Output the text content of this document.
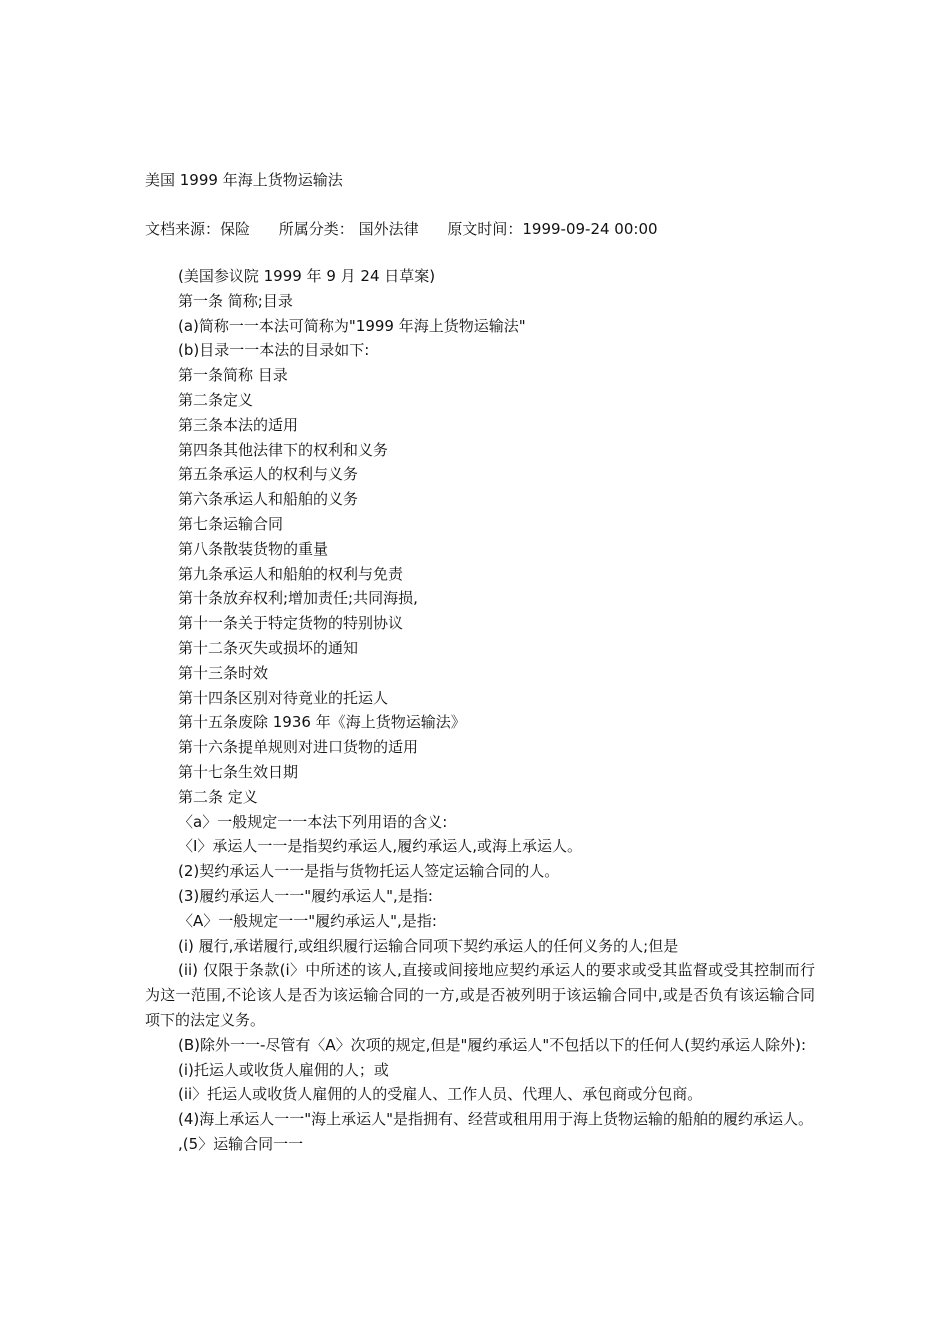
美国 1999 年海上货物运输法
文档来源：保险 所属分类： 国外法律 原文时间：1999-09-24 00:00

(美国参议院 1999 年 9 月 24 日草案)

第一条 简称;目录

(a)简称一一本法可简称为"1999 年海上货物运输法"

(b)目录一一本法的目录如下:

第一条简称 目录

第二条定义

第三条本法的适用

第四条其他法律下的权利和义务

第五条承运人的权利与义务

第六条承运人和船舶的义务

第七条运输合同

第八条散装货物的重量

第九条承运人和船舶的权利与免责

第十条放弃权利;增加责任;共同海损,

第十一条关于特定货物的特别协议

第十二条灭失或损坏的通知

第十三条时效

第十四条区别对待竟业的托运人

第十五条废除 1936 年《海上货物运输法》

第十六条提单规则对进口货物的适用

第十七条生效日期

第二条 定义

〈a〉一般规定一一本法下列用语的含义:

〈I〉承运人一一是指契约承运人,履约承运人,或海上承运人。

(2)契约承运人一一是指与货物托运人签定运输合同的人。

(3)履约承运人一一"履约承运人",是指:

〈A〉一般规定一一"履约承运人",是指:

(i) 履行,承诺履行,或组织履行运输合同项下契约承运人的任何义务的人;但是

(ii) 仅限于条款(i〉中所述的该人,直接或间接地应契约承运人的要求或受其监督或受其控制而行为这一范围,不论该人是否为该运输合同的一方,或是否被列明于该运输合同中,或是否负有该运输合同项下的法定义务。

(B)除外一一-尽管有〈A〉次项的规定,但是"履约承运人"不包括以下的任何人(契约承运人除外):

(i)托运人或收货人雇佣的人；或

(ii〉托运人或收货人雇佣的人的受雇人、工作人员、代理人、承包商或分包商。

(4)海上承运人一一"海上承运人"是指拥有、经营或租用用于海上货物运输的船舶的履约承运人。

,(5〉运输合同一一
